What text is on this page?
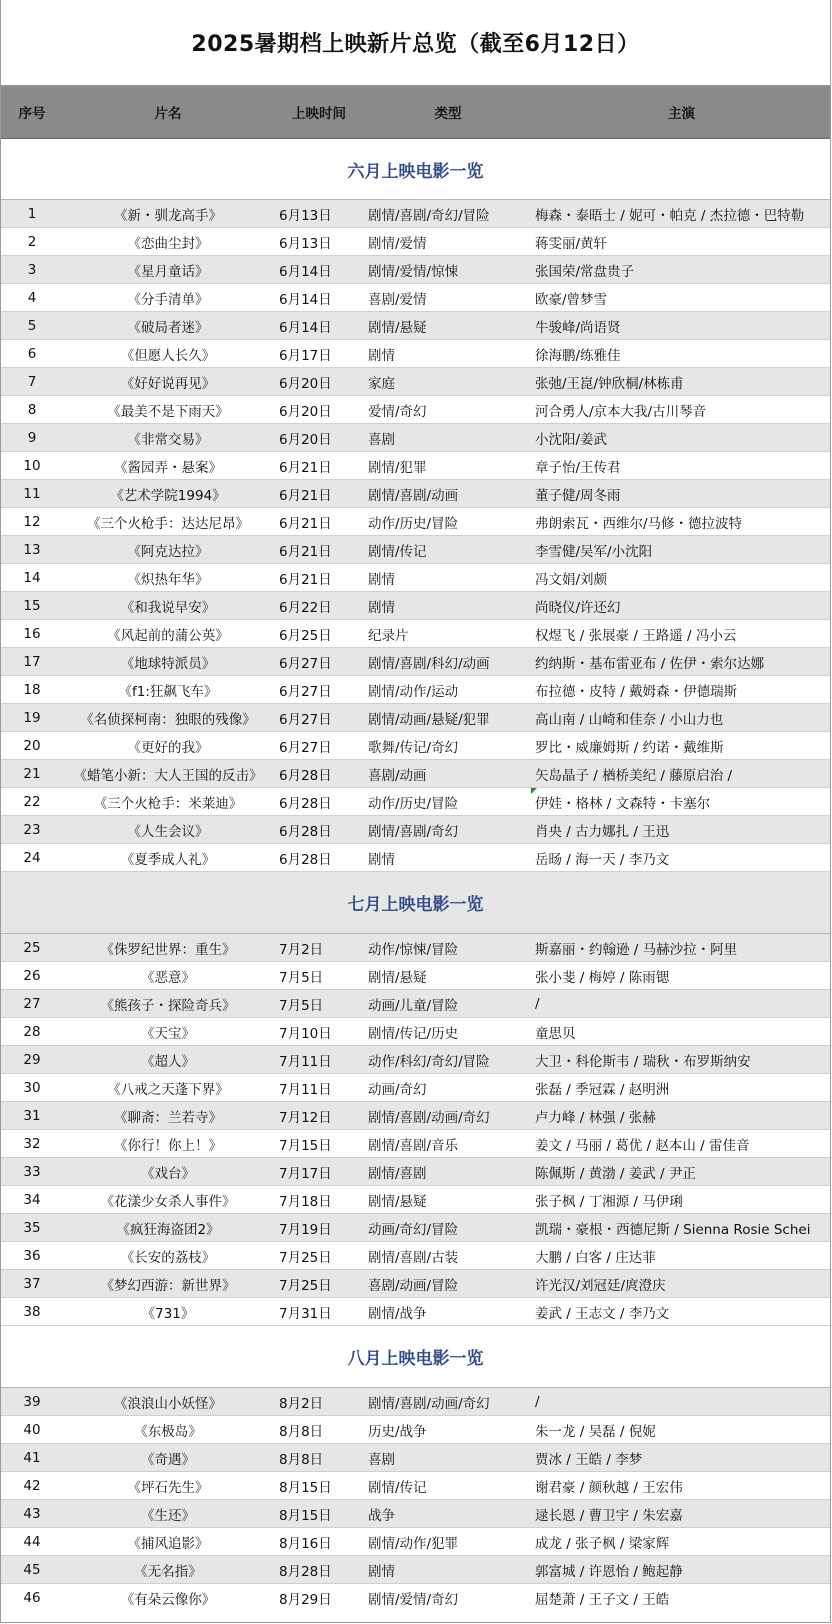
2025暑期档上映新片总览（截至6月12日）
序号	片名	上映时间	类型	主演
六月上映电影一览
1	《新・驯龙高手》	6月13日	剧情/喜剧/奇幻/冒险	梅森・泰晤士 / 妮可・帕克 / 杰拉德・巴特勒
2	《恋曲尘封》	6月13日	剧情/爱情	蒋雯丽/黄轩
3	《星月童话》	6月14日	剧情/爱情/惊悚	张国荣/常盘贵子
4	《分手清单》	6月14日	喜剧/爱情	欧豪/曾梦雪
5	《破局者迷》	6月14日	剧情/悬疑	牛骏峰/尚语贤
6	《但愿人长久》	6月17日	剧情	徐海鹏/练雅佳
7	《好好说再见》	6月20日	家庭	张弛/王崑/钟欣桐/林栋甫
8	《最美不是下雨天》	6月20日	爱情/奇幻	河合勇人/京本大我/古川琴音
9	《非常交易》	6月20日	喜剧	小沈阳/姜武
10	《酱园弄・悬案》	6月21日	剧情/犯罪	章子怡/王传君
11	《艺术学院1994》	6月21日	剧情/喜剧/动画	董子健/周冬雨
12	《三个火枪手：达达尼昂》	6月21日	动作/历史/冒险	弗朗索瓦・西维尔/马修・德拉波特
13	《阿克达拉》	6月21日	剧情/传记	李雪健/吴军/小沈阳
14	《炽热年华》	6月21日	剧情	冯文娟/刘颇
15	《和我说早安》	6月22日	剧情	尚晓仪/许还幻
16	《风起前的蒲公英》	6月25日	纪录片	权煜飞 / 张展豪 / 王路遥 / 冯小云
17	《地球特派员》	6月27日	剧情/喜剧/科幻/动画	约纳斯・基布雷亚布 / 佐伊・索尔达娜
18	《f1:狂飙飞车》	6月27日	剧情/动作/运动	布拉德・皮特 / 戴姆森・伊德瑞斯
19	《名侦探柯南：独眼的残像》	6月27日	剧情/动画/悬疑/犯罪	高山南 / 山崎和佳奈 / 小山力也
20	《更好的我》	6月27日	歌舞/传记/奇幻	罗比・威廉姆斯 / 约诺・戴维斯
21	《蜡笔小新：大人王国的反击》	6月28日	喜剧/动画	矢岛晶子 / 楢桥美纪 / 藤原启治 /
22	《三个火枪手：米莱迪》	6月28日	动作/历史/冒险	伊娃・格林 / 文森特・卡塞尔
23	《人生会议》	6月28日	剧情/喜剧/奇幻	肖央 / 古力娜扎 / 王迅
24	《夏季成人礼》	6月28日	剧情	岳旸 / 海一天 / 李乃文
七月上映电影一览
25	《侏罗纪世界：重生》	7月2日	动作/惊悚/冒险	斯嘉丽・约翰逊 / 马赫沙拉・阿里
26	《恶意》	7月5日	剧情/悬疑	张小斐 / 梅婷 / 陈雨锶
27	《熊孩子・探险奇兵》	7月5日	动画/儿童/冒险	/
28	《天宝》	7月10日	剧情/传记/历史	童思贝
29	《超人》	7月11日	动作/科幻/奇幻/冒险	大卫・科伦斯韦 / 瑞秋・布罗斯纳安
30	《八戒之天蓬下界》	7月11日	动画/奇幻	张磊 / 季冠霖 / 赵明洲
31	《聊斋：兰若寺》	7月12日	剧情/喜剧/动画/奇幻	卢力峰 / 林强 / 张赫
32	《你行！你上！》	7月15日	剧情/喜剧/音乐	姜文 / 马丽 / 葛优 / 赵本山 / 雷佳音
33	《戏台》	7月17日	剧情/喜剧	陈佩斯 / 黄渤 / 姜武 / 尹正
34	《花漾少女杀人事件》	7月18日	剧情/悬疑	张子枫 / 丁湘源 / 马伊琍
35	《疯狂海盗团2》	7月19日	动画/奇幻/冒险	凯瑞・豪根・西德尼斯 / Sienna Rosie Schei
36	《长安的荔枝》	7月25日	剧情/喜剧/古装	大鹏 / 白客 / 庄达菲
37	《梦幻西游：新世界》	7月25日	喜剧/动画/冒险	许光汉/刘冠廷/庹澄庆
38	《731》	7月31日	剧情/战争	姜武 / 王志文 / 李乃文
八月上映电影一览
39	《浪浪山小妖怪》	8月2日	剧情/喜剧/动画/奇幻	/
40	《东极岛》	8月8日	历史/战争	朱一龙 / 吴磊 / 倪妮
41	《奇遇》	8月8日	喜剧	贾冰 / 王皓 / 李梦
42	《坪石先生》	8月15日	剧情/传记	谢君豪 / 颜秋越 / 王宏伟
43	《生还》	8月15日	战争	逯长恩 / 曹卫宇 / 朱宏嘉
44	《捕风追影》	8月16日	剧情/动作/犯罪	成龙 / 张子枫 / 梁家辉
45	《无名指》	8月28日	剧情	郭富城 / 许恩怡 / 鲍起静
46	《有朵云像你》	8月29日	剧情/爱情/奇幻	屈楚萧 / 王子文 / 王皓
